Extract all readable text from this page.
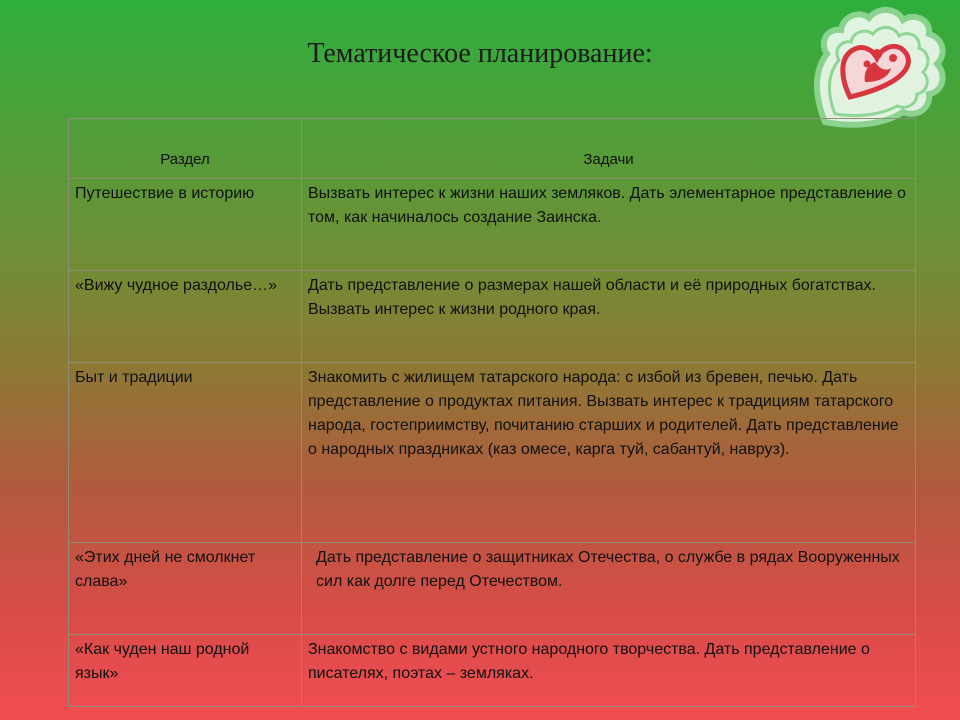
Тематическое планирование:
Раздел	Задачи
Путешествие в историю	Вызвать интерес к жизни наших земляков. Дать элементарное представление о том, как начиналось создание Заинска.
«Вижу чудное раздолье…»	Дать представление о размерах нашей области и её природных богатствах. Вызвать интерес к жизни родного края.
Быт и традиции	Знакомить с жилищем татарского народа: с избой из бревен, печью. Дать представление о продуктах питания. Вызвать интерес к традициям татарского народа, гостеприимству, почитанию старших и родителей. Дать представление о народных праздниках (каз омесе, карга туй, сабантуй, навруз).
«Этих дней не смолкнет слава»	Дать представление о защитниках Отечества, о службе в рядах Вооруженных сил как долге перед Отечеством.
«Как чуден наш родной язык»	Знакомство с видами устного народного творчества. Дать представление о писателях, поэтах – земляках.
